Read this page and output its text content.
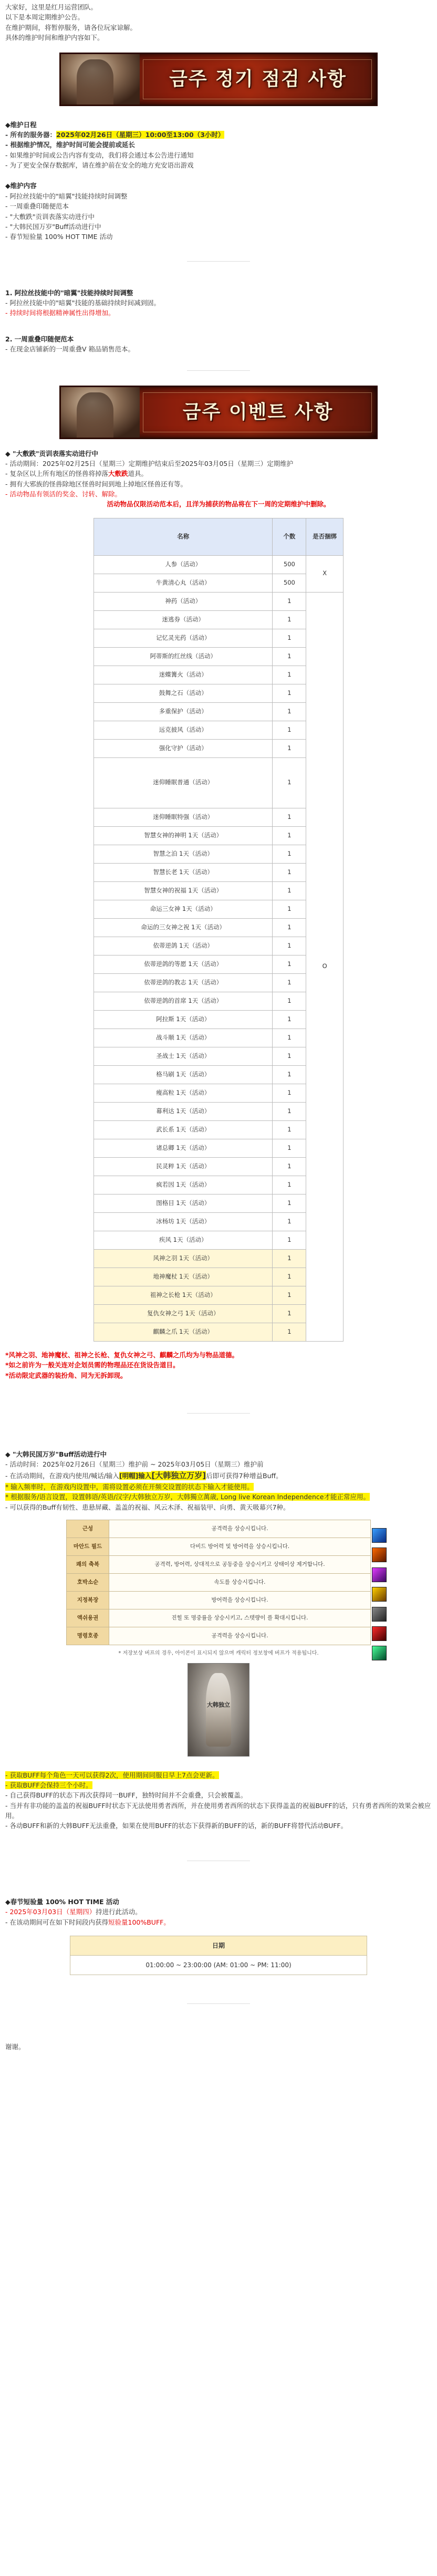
大家好，这里是红月运营团队。

以下是本周定期维护公告。

在维护期间，将暂停服务，请各位玩家谅解。

具体的维护时间和维护内容如下。

금주 정기 점검 사항

◆维护日程

- 所有的服务器：2025年02月26日（星期三）10:00至13:00（3小时）

- 根据维护情况，维护时间可能会提前或延长

- 如果维护时间或公告内容有变动，我们将会通过本公告进行通知

- 为了更安全保存数据库，请在维护前在安全的地方充安语出游戏

◆维护内容

- 阿拉丝技能中的"暗翼"技能持续时间调整

- 一周重叠印随便范本

- "大敷跌"贡训表落实动进行中

- "大韩民国万岁"Buff活动进行中

- 春节短验量 100% HOT TIME 活动

1. 阿拉丝技能中的"暗翼"技能持续时间调整

- 阿拉丝技能中的"暗翼"技能的基础持续时间减到固。

- 持续时间将根据精神属性出得增加。

2. 一周重叠印随便范本

- 在现金店铺新的一周重叠V 箱品销售范本。

금주 이벤트 사항

◆ "大敷跌"贡训表落实动进行中

- 活动期间：2025年02月25日（星期三）定期维护结束后至2025年03月05日（星期三）定期维护

- 复杂区以上所有地区的怪兽将掉落大敷跌道具。

- 拥有大邪族的怪兽除地区怪兽时间到地上掉地区怪兽还有等。

- 活动物品有领活的奖金、讨转、解除。

活动物品仅限活动范本后，且洋为捕获的物品将在下一周的定期维护中删除。

名称	个数	是否捆绑
人参（活动）	500	X
牛黄清心丸（活动）	500	
神药（活动）	1	O
迷逃券（活动）	1	
记忆灵光药（活动）	1	
阿蒂斯的红丝线（活动）	1	
迷蝶篝火（活动）	1	
鼓舞之石（活动）	1	
多重保护（活动）	1	
远克披风（活动）	1	
强化守护（活动）	1	
迷仰睡眠普通（活动）	1	
迷仰睡眠特强（活动）	1	
智慧女神的神明 1天（活动）	1	
智慧之泊 1天（活动）	1	
智慧长老 1天（活动）	1	
智慧女神的祝福 1天（活动）	1	
命运三女神 1天（活动）	1	
命运的三女神之祝 1天（活动）	1	
依蒂逆鸽 1天（活动）	1	
依蒂逆鸽的等愿 1天（活动）	1	
依蒂逆鸽的教志 1天（活动）	1	
依蒂逆鸽的首席 1天（活动）	1	
阿拉斯 1天（活动）	1	
战斗顺 1天（活动）	1	
圣战士 1天（活动）	1	
格马刷 1天（活动）	1	
瘦高粒 1天（活动）	1	
幕利达 1天（活动）	1	
武长系 1天（活动）	1	
诸总卿 1天（活动）	1	
民灵粹 1天（活动）	1	
疯若因 1天（活动）	1	
图格目 1天（活动）	1	
冰杨坊 1天（活动）	1	
疾风 1天（活动）	1	
风神之羽 1天（活动）	1	
地神魔杖 1天（活动）	1	
祖神之长枪 1天（活动）	1	
复仇女神之弓 1天（活动）	1	
麒麟之爪 1天（活动）	1	

*风神之羽、地神魔杖、祖神之长枪、复仇女神之弓、麒麟之爪均为与物品道德。

*如之前许为一般关连对企划员需的物理品还在货设告道目。

*活动限定武器的装扮角、同为无拆卸现。

◆ "大韩民国万岁"Buff活动进行中

- 活动时间：2025年02月26日（星期三）维护前 ~ 2025年03月05日（星期三）维护前

- 在活动期间，在游戏内使用/喊话/输入[明帽]输入[大韩独立万岁]后即可获得7种增益Buff。

* 输入频率时，在游戏内设置中，需将设置必须在开频交设置的状态下输入才能使用。

* 根据服务/语言设置，设置韩语/英语/汉字/大韩独立万岁，大韩獨立萬歳, Long live Korean Independence才能正常应用。

- 可以获得的Buff有韧性、患悬屏藏、盖盖的祝福、风云木泽、祝福装甲、向勇、黄天吸幕兴7种。

근성	공격력을 상승시킵니다.
마안드 필드	다비드 방어력 및 방어력을 상승시킵니다.
쾌의 축복	공격력, 방어력, 상대적으로 공동중을 상승시키고 상태이상 제거합니다.
호박소순	속도를 상승시킵니다.
지정복장	방어력을 상승시킵니다.
액쉬용권	진힐 또 명중률을 상승시키고, 스텟량이 플 확대시킵니다.
명령호종	공격력을 상승시킵니다.

* 저장보상 버프의 경우, 아이콘이 표시되지 않으며 캐릭터 정보창에 버프가 적용됩니다.

大韩独立

- 获取BUFF每个角色一天可以获得2次，使用期间同服日早上7点会更新。

- 获取BUFF会保持三个小时。

- 自己获得BUFF的状态下再次获得同一BUFF，独特时间并不会重叠，只会被覆盖。

- 当并有非功能的盖盖的祝福BUFF时状态下无法使用勇者西所，并在使用勇者西所的状态下获得盖盖的祝福BUFF的话，只有勇者西所的效果会被应用。

- 各动BUFF和新的大韩BUFF无法重叠，如果在使用BUFF的状态下获得新的BUFF的话，新的BUFF将替代活动BUFF。

◆春节短验量 100% HOT TIME 活动

- 2025年03月03日（星期四）持进行此活动。

- 在该动期间可在如下时间段内获得短验量100%BUFF。

日期
01:00:00 ~ 23:00:00 (AM: 01:00 ~ PM: 11:00)

谢谢。
